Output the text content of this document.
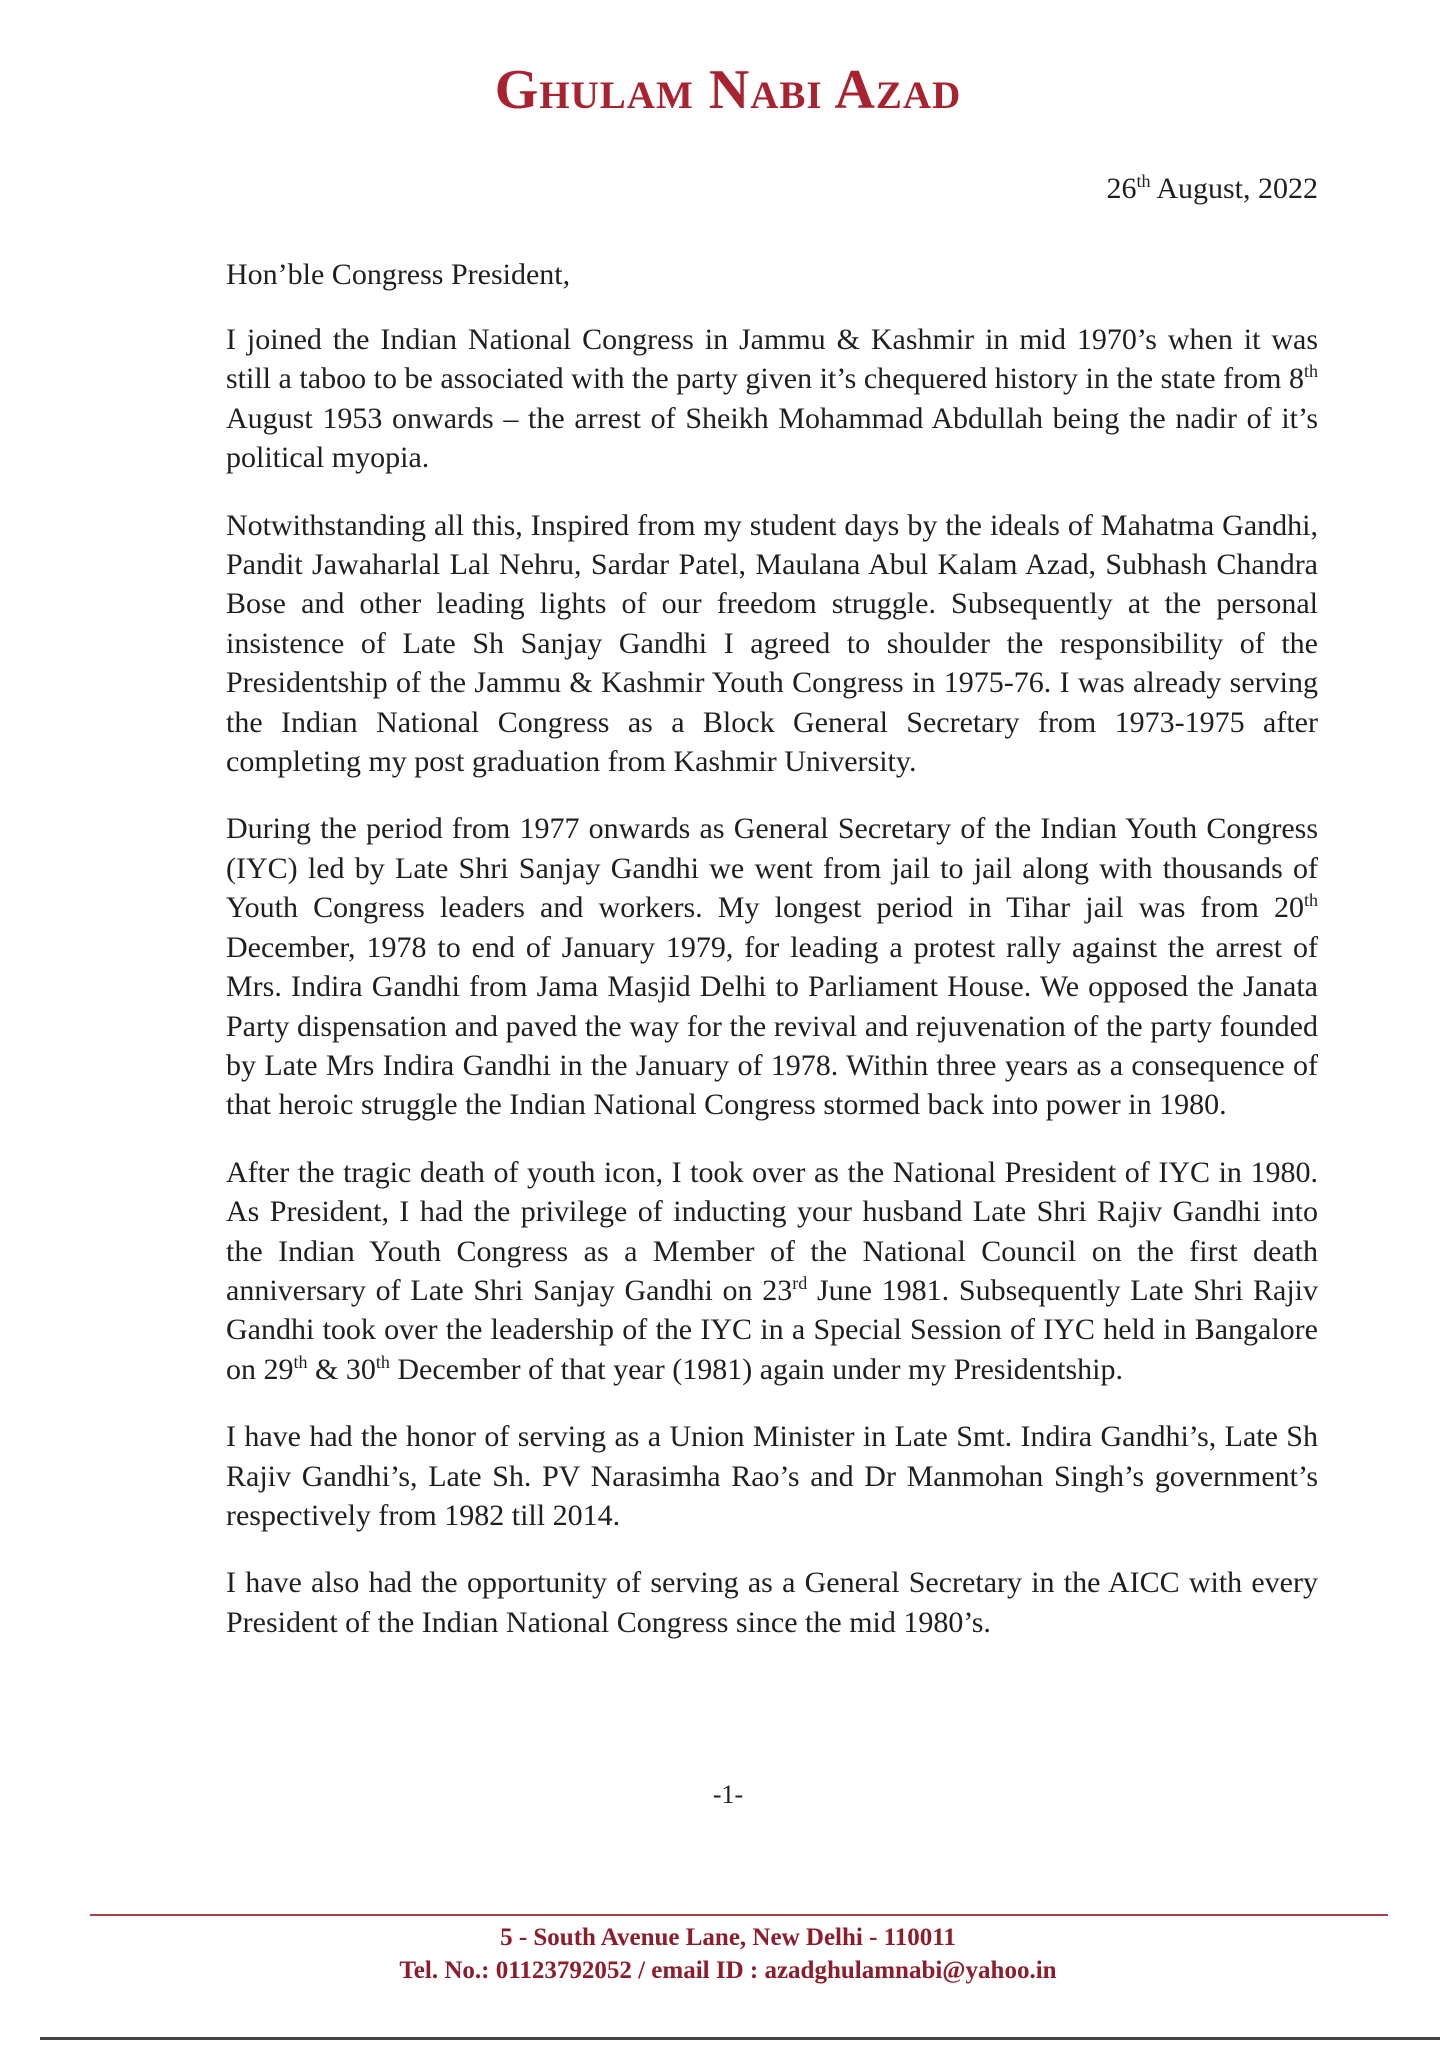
Ghulam Nabi Azad
26th August, 2022

Hon’ble Congress President,

I joined the Indian National Congress in Jammu & Kashmir in mid 1970’s when it was still a taboo to be associated with the party given it’s chequered history in the state from 8th August 1953 onwards – the arrest of Sheikh Mohammad Abdullah being the nadir of it’s political myopia.

Notwithstanding all this, Inspired from my student days by the ideals of Mahatma Gandhi, Pandit Jawaharlal Lal Nehru, Sardar Patel, Maulana Abul Kalam Azad, Subhash Chandra Bose and other leading lights of our freedom struggle. Subsequently at the personal insistence of Late Sh Sanjay Gandhi I agreed to shoulder the responsibility of the Presidentship of the Jammu & Kashmir Youth Congress in 1975-76. I was already serving the Indian National Congress as a Block General Secretary from 1973-1975 after completing my post graduation from Kashmir University.

During the period from 1977 onwards as General Secretary of the Indian Youth Congress (IYC) led by Late Shri Sanjay Gandhi we went from jail to jail along with thousands of Youth Congress leaders and workers. My longest period in Tihar jail was from 20th December, 1978 to end of January 1979, for leading a protest rally against the arrest of Mrs. Indira Gandhi from Jama Masjid Delhi to Parliament House. We opposed the Janata Party dispensation and paved the way for the revival and rejuvenation of the party founded by Late Mrs Indira Gandhi in the January of 1978. Within three years as a consequence of that heroic struggle the Indian National Congress stormed back into power in 1980.

After the tragic death of youth icon, I took over as the National President of IYC in 1980. As President, I had the privilege of inducting your husband Late Shri Rajiv Gandhi into the Indian Youth Congress as a Member of the National Council on the first death anniversary of Late Shri Sanjay Gandhi on 23rd June 1981. Subsequently Late Shri Rajiv Gandhi took over the leadership of the IYC in a Special Session of IYC held in Bangalore on 29th & 30th December of that year (1981) again under my Presidentship.

I have had the honor of serving as a Union Minister in Late Smt. Indira Gandhi’s, Late Sh Rajiv Gandhi’s, Late Sh. PV Narasimha Rao’s and Dr Manmohan Singh’s government’s respectively from 1982 till 2014.

I have also had the opportunity of serving as a General Secretary in the AICC with every President of the Indian National Congress since the mid 1980’s.

-1-
5 - South Avenue Lane, New Delhi - 110011
Tel. No.: 01123792052 / email ID : azadghulamnabi@yahoo.in
